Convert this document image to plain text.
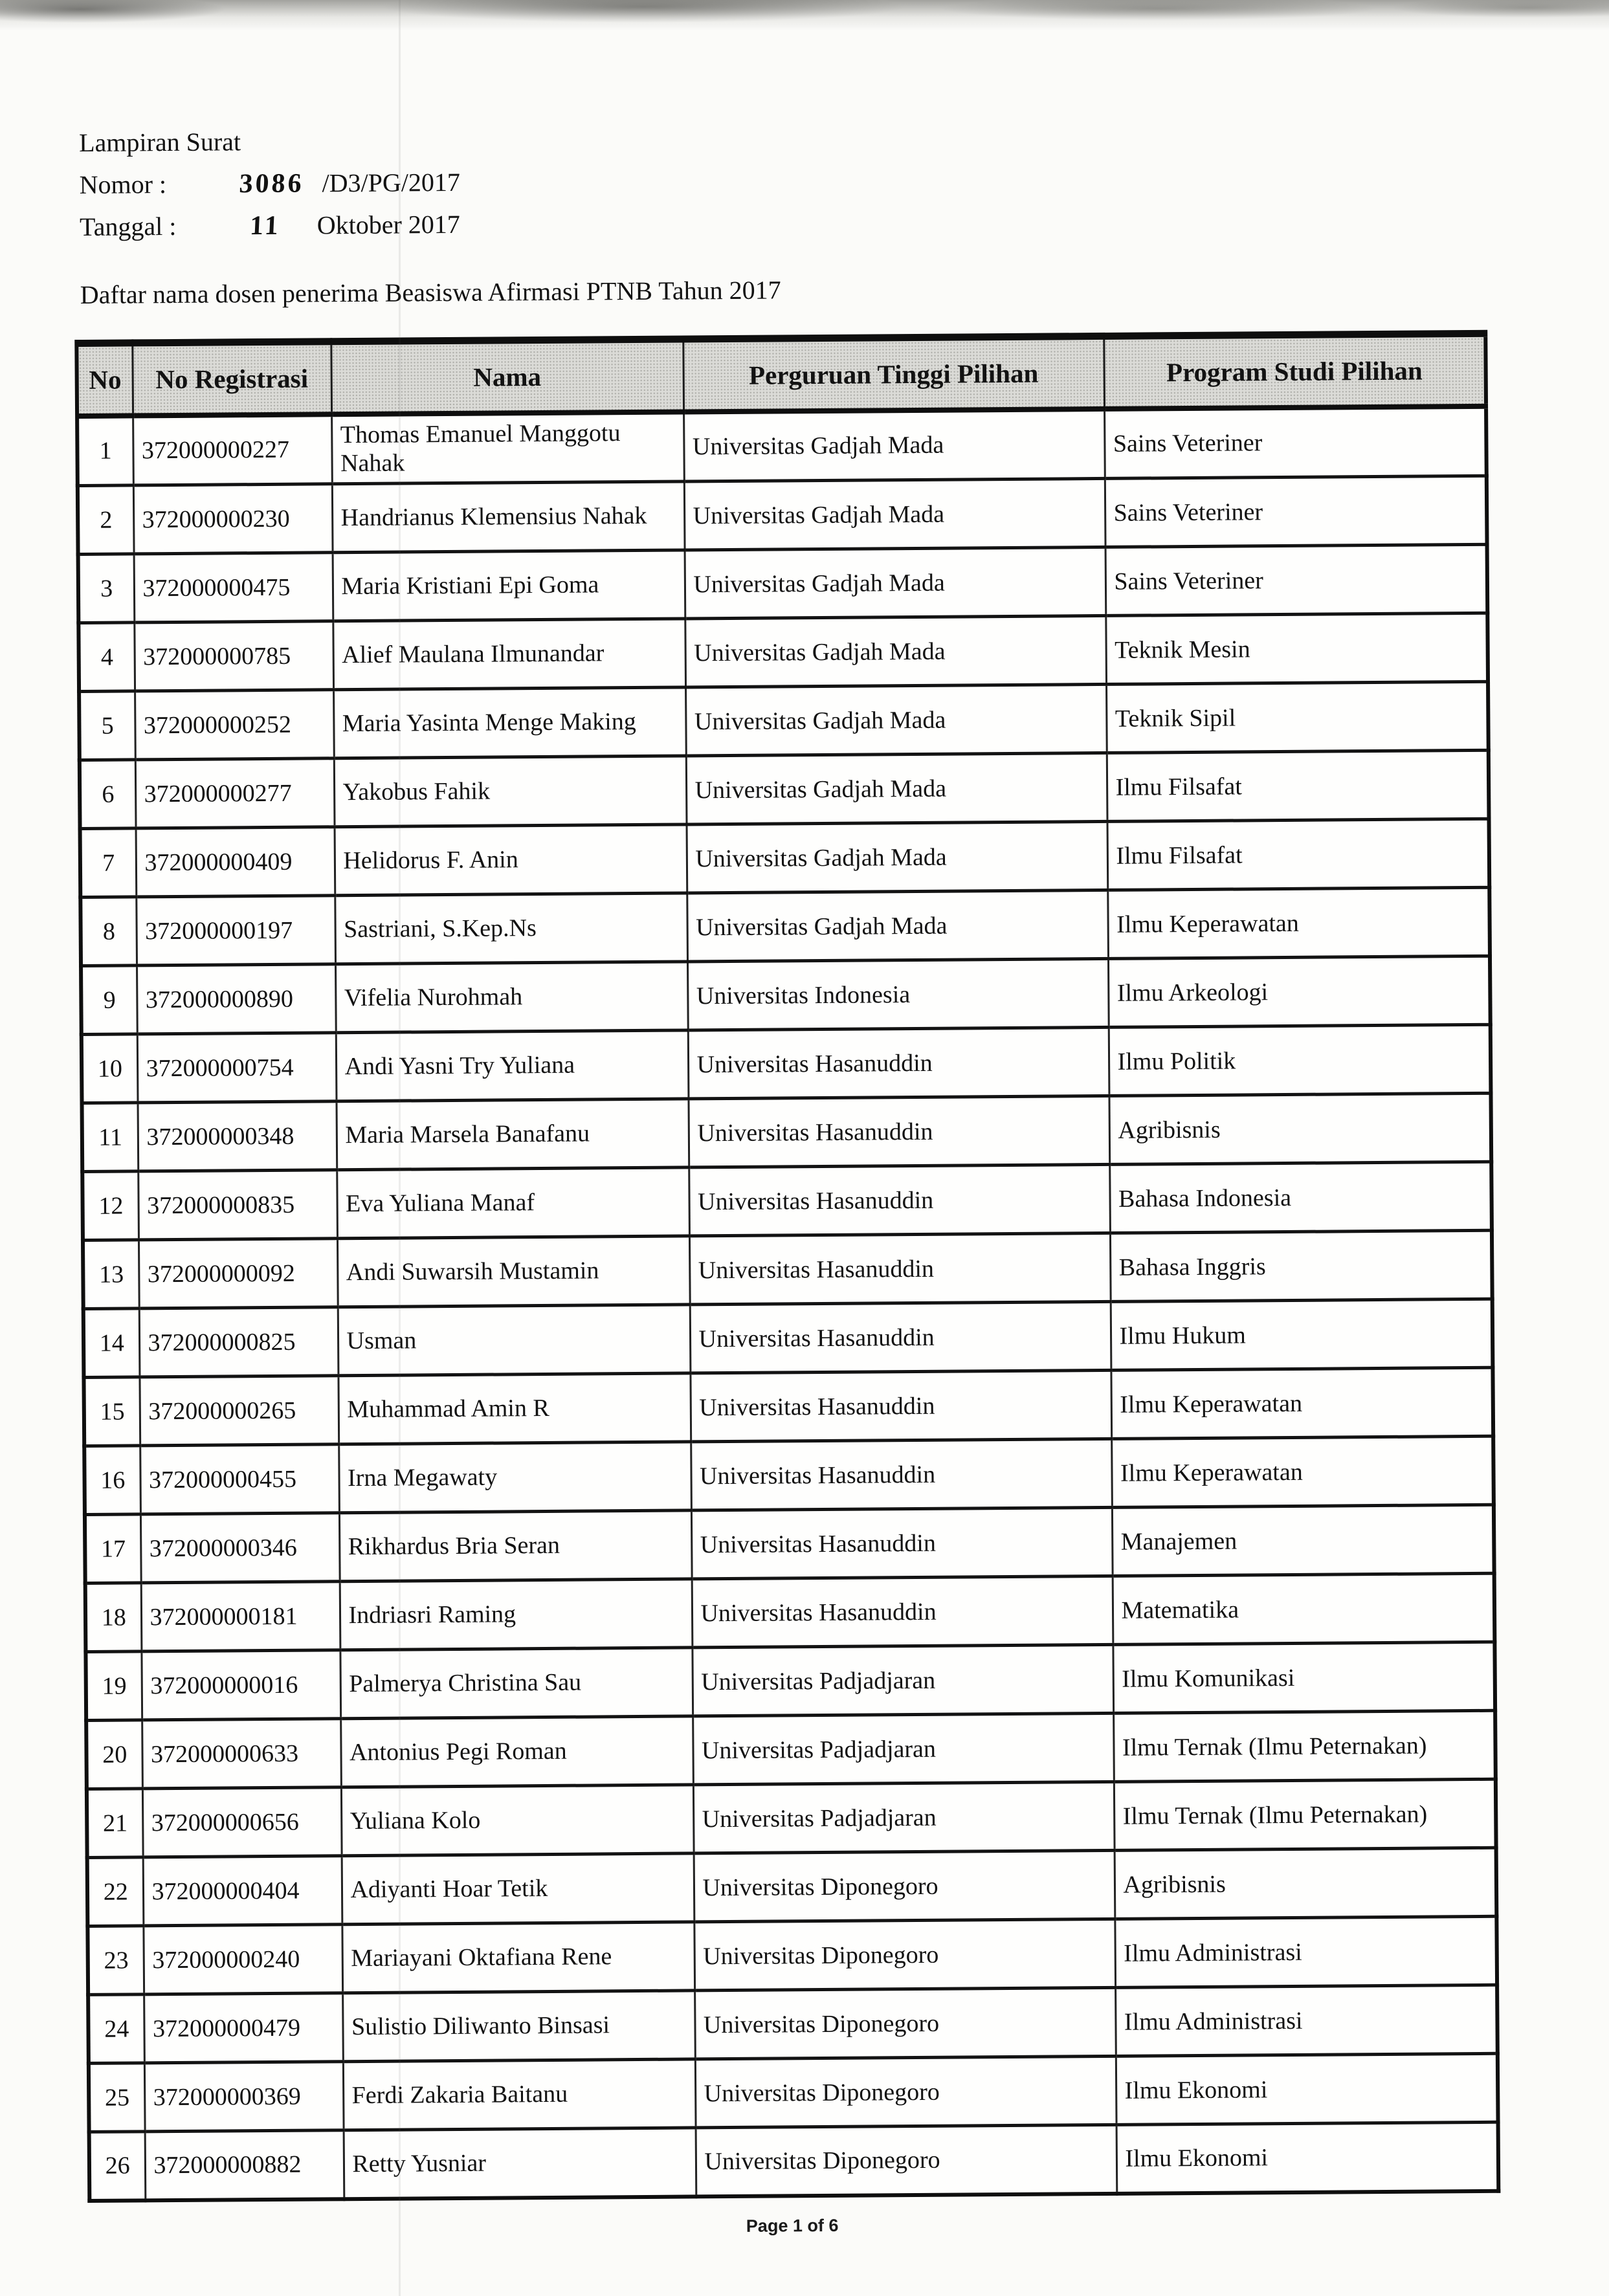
Lampiran Surat
Nomor :	3086 /D3/PG/2017
Tanggal :	11 Oktober 2017
Daftar nama dosen penerima Beasiswa Afirmasi PTNB Tahun 2017
No	No Registrasi	Nama	Perguruan Tinggi Pilihan	Program Studi Pilihan
1	372000000227	Thomas Emanuel Manggotu Nahak	Universitas Gadjah Mada	Sains Veteriner
2	372000000230	Handrianus Klemensius Nahak	Universitas Gadjah Mada	Sains Veteriner
3	372000000475	Maria Kristiani Epi Goma	Universitas Gadjah Mada	Sains Veteriner
4	372000000785	Alief Maulana Ilmunandar	Universitas Gadjah Mada	Teknik Mesin
5	372000000252	Maria Yasinta Menge Making	Universitas Gadjah Mada	Teknik Sipil
6	372000000277	Yakobus Fahik	Universitas Gadjah Mada	Ilmu Filsafat
7	372000000409	Helidorus F. Anin	Universitas Gadjah Mada	Ilmu Filsafat
8	372000000197	Sastriani, S.Kep.Ns	Universitas Gadjah Mada	Ilmu Keperawatan
9	372000000890	Vifelia Nurohmah	Universitas Indonesia	Ilmu Arkeologi
10	372000000754	Andi Yasni Try Yuliana	Universitas Hasanuddin	Ilmu Politik
11	372000000348	Maria Marsela Banafanu	Universitas Hasanuddin	Agribisnis
12	372000000835	Eva Yuliana Manaf	Universitas Hasanuddin	Bahasa Indonesia
13	372000000092	Andi Suwarsih Mustamin	Universitas Hasanuddin	Bahasa Inggris
14	372000000825	Usman	Universitas Hasanuddin	Ilmu Hukum
15	372000000265	Muhammad Amin R	Universitas Hasanuddin	Ilmu Keperawatan
16	372000000455	Irna Megawaty	Universitas Hasanuddin	Ilmu Keperawatan
17	372000000346	Rikhardus Bria Seran	Universitas Hasanuddin	Manajemen
18	372000000181	Indriasri Raming	Universitas Hasanuddin	Matematika
19	372000000016	Palmerya Christina Sau	Universitas Padjadjaran	Ilmu Komunikasi
20	372000000633	Antonius Pegi Roman	Universitas Padjadjaran	Ilmu Ternak (Ilmu Peternakan)
21	372000000656	Yuliana Kolo	Universitas Padjadjaran	Ilmu Ternak (Ilmu Peternakan)
22	372000000404	Adiyanti Hoar Tetik	Universitas Diponegoro	Agribisnis
23	372000000240	Mariayani Oktafiana Rene	Universitas Diponegoro	Ilmu Administrasi
24	372000000479	Sulistio Diliwanto Binsasi	Universitas Diponegoro	Ilmu Administrasi
25	372000000369	Ferdi Zakaria Baitanu	Universitas Diponegoro	Ilmu Ekonomi
26	372000000882	Retty Yusniar	Universitas Diponegoro	Ilmu Ekonomi
Page 1 of 6
